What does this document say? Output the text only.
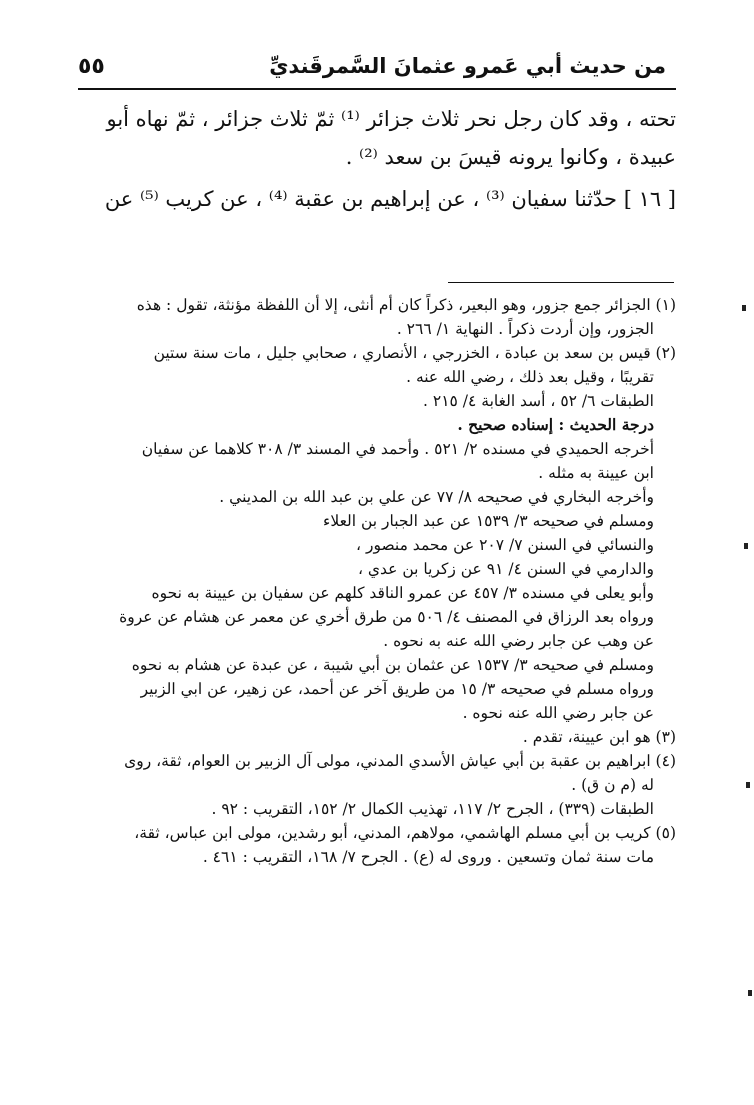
من حديث أبي عَمرو عثمانَ السَّمرقَنديِّ
٥٥
تحته ، وقد كان رجل نحر ثلاث جزائر ⁽¹⁾ ثمّ ثلاث جزائر ، ثمّ نهاه أبو
عبيدة ، وكانوا يرونه قيسَ بن سعد ⁽²⁾ .
[ ١٦ ] حدّثنا سفيان ⁽³⁾ ، عن إبراهيم بن عقبة ⁽⁴⁾ ، عن كريب ⁽⁵⁾ عن
(١) الجزائر جمع جزور، وهو البعير، ذكراً كان أم أنثى، إلا أن اللفظة مؤنثة، تقول : هذه
الجزور، وإن أردت ذكراً . النهاية ١/ ٢٦٦ .
(٢) قيس بن سعد بن عبادة ، الخزرجي ، الأنصاري ، صحابي جليل ، مات سنة ستين
تقريبًا ، وقيل بعد ذلك ، رضي الله عنه .
الطبقات ٦/ ٥٢ ، أسد الغابة ٤/ ٢١٥ .
درجة الحديث : إسناده صحيح .
أخرجه الحميدي في مسنده ٢/ ٥٢١ . وأحمد في المسند ٣/ ٣٠٨ كلاهما عن سفيان
ابن عيينة به مثله .
وأخرجه البخاري في صحيحه ٨/ ٧٧ عن علي بن عبد الله بن المديني .
ومسلم في صحيحه ٣/ ١٥٣٩ عن عبد الجبار بن العلاء
والنسائي في السنن ٧/ ٢٠٧ عن محمد منصور ،
والدارمي في السنن ٤/ ٩١ عن زكريا بن عدي ،
وأبو يعلى في مسنده ٣/ ٤٥٧ عن عمرو الناقد كلهم عن سفيان بن عيينة به نحوه
ورواه بعد الرزاق في المصنف ٤/ ٥٠٦ من طرق أخري عن معمر عن هشام عن عروة
عن وهب عن جابر رضي الله عنه به نحوه .
ومسلم في صحيحه ٣/ ١٥٣٧ عن عثمان بن أبي شيبة ، عن عبدة عن هشام به نحوه
ورواه مسلم في صحيحه ٣/ ١٥ من طريق آخر عن أحمد، عن زهير، عن ابي الزبير
عن جابر رضي الله عنه نحوه .
(٣) هو ابن عيينة، تقدم .
(٤) ابراهيم بن عقبة بن أبي عياش الأسدي المدني، مولى آل الزبير بن العوام، ثقة، روى
له (م ن ق) .
الطبقات (٣٣٩) ، الجرح ٢/ ١١٧، تهذيب الكمال ٢/ ١٥٢، التقريب : ٩٢ .
(٥) كريب بن أبي مسلم الهاشمي، مولاهم، المدني، أبو رشدين، مولى ابن عباس، ثقة،
مات سنة ثمان وتسعين . وروى له (ع) . الجرح ٧/ ١٦٨، التقريب : ٤٦١ .
